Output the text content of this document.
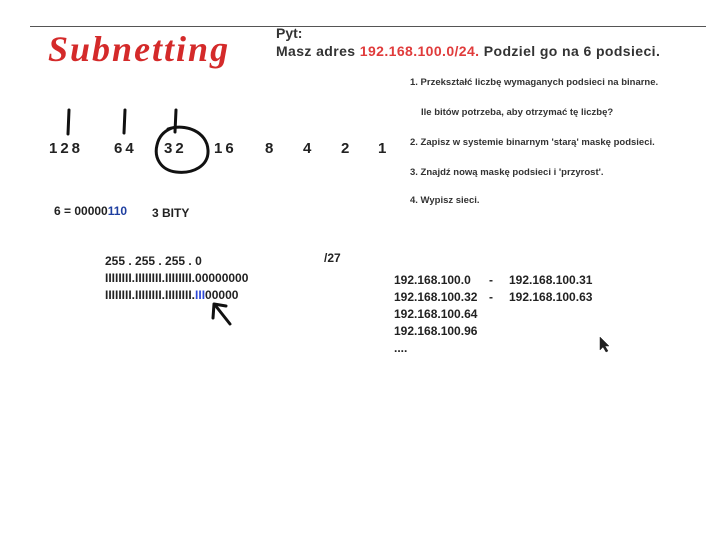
Subnetting	Pyt:
Masz adres 192.168.100.0/24. Podziel go na 6 podsieci.
1. Przekształć liczbę wymaganych podsieci na binarne.
Ile bitów potrzeba, aby otrzymać tę liczbę?
2. Zapisz w systemie binarnym 'starą' maskę podsieci.
3. Znajdź nową maskę podsieci i 'przyrost'.
4. Wypisz sieci.
128 64 32 16 8 4 2 1
6 = 00000110 3 BITY
255 . 255 . 255 . 0
IIIIIIII.IIIIIIII.IIIIIIII.00000000
IIIIIIII.IIIIIIII.IIIIIIII.III00000
/27
192.168.100.0 - 192.168.100.31
192.168.100.32 - 192.168.100.63
192.168.100.64
192.168.100.96
....
